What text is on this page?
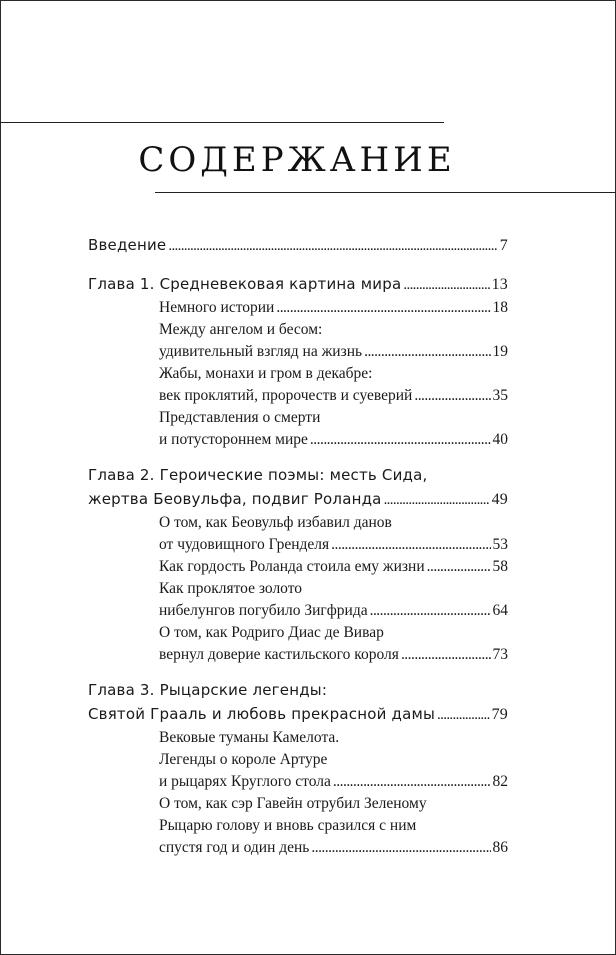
СОДЕРЖАНИЕ
Введение . . .	7
Глава 1. Средневековая картина мира . . .	13
Немного истории . . .	18
Между ангелом и бесом:
удивительный взгляд на жизнь . . .	19
Жабы, монахи и гром в декабре:
век проклятий, пророчеств и суеверий . . .	35
Представления о смерти
и потустороннем мире . . .	40
Глава 2. Героические поэмы: месть Сида,
жертва Беовульфа, подвиг Роланда . . .	49
О том, как Беовульф избавил данов
от чудовищного Гренделя . . .	53
Как гордость Роланда стоила ему жизни . . .	58
Как проклятое золото
нибелунгов погубило Зигфрида . . .	64
О том, как Родриго Диас де Вивар
вернул доверие кастильского короля . . .	73
Глава 3. Рыцарские легенды:
Святой Грааль и любовь прекрасной дамы . . .	79
Вековые туманы Камелота.
Легенды о короле Артуре
и рыцарях Круглого стола . . .	82
О том, как сэр Гавейн отрубил Зеленому
Рыцарю голову и вновь сразился с ним
спустя год и один день . . .	86
